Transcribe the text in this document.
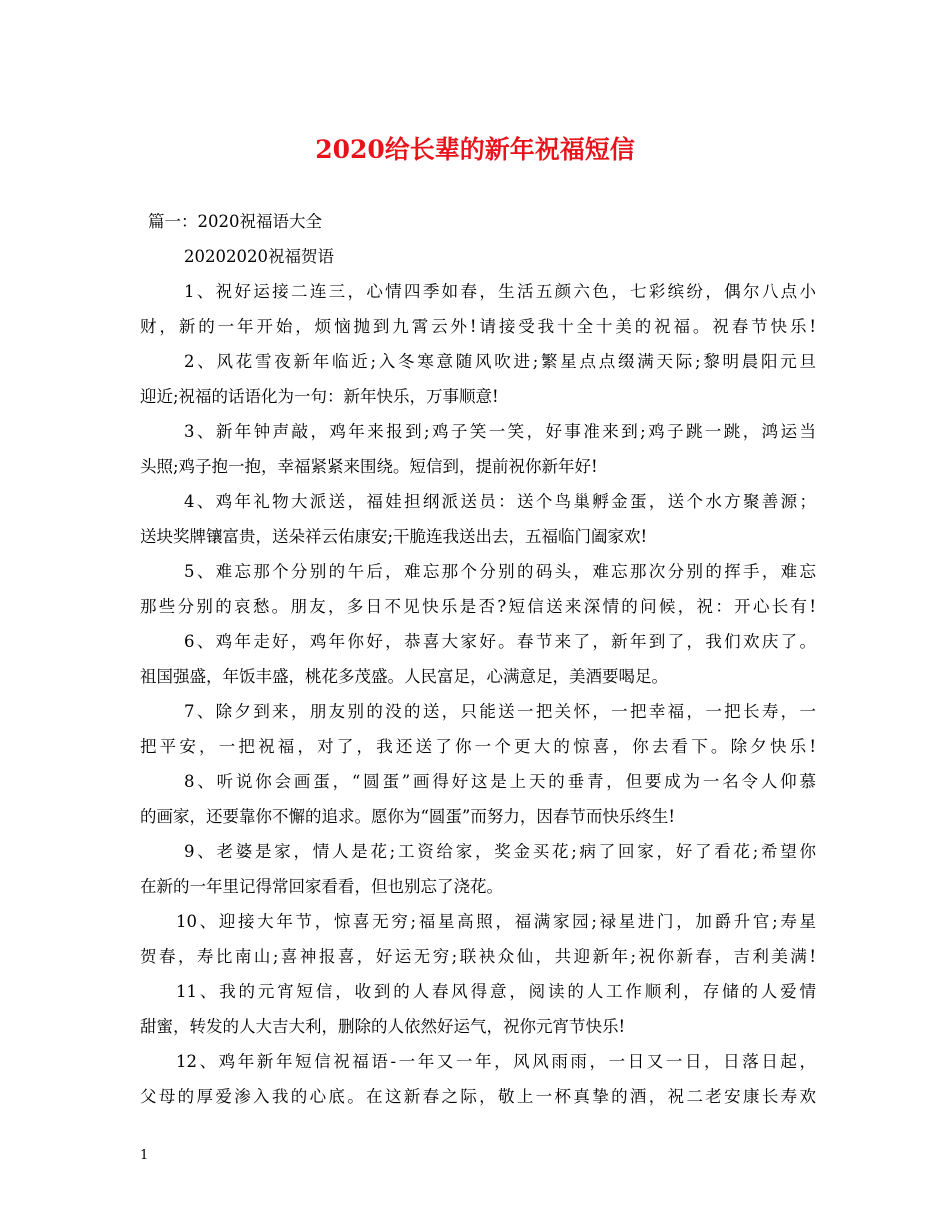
2020给长辈的新年祝福短信
篇一：2020祝福语大全
20202020祝福贺语
1、祝好运接二连三，心情四季如春，生活五颜六色，七彩缤纷，偶尔八点小
财，新的一年开始，烦恼抛到九霄云外!请接受我十全十美的祝福。祝春节快乐!
2、风花雪夜新年临近;入冬寒意随风吹进;繁星点点缀满天际;黎明晨阳元旦
迎近;祝福的话语化为一句：新年快乐，万事顺意!
3、新年钟声敲，鸡年来报到;鸡子笑一笑，好事准来到;鸡子跳一跳，鸿运当
头照;鸡子抱一抱，幸福紧紧来围绕。短信到，提前祝你新年好!
4、鸡年礼物大派送，福娃担纲派送员：送个鸟巢孵金蛋，送个水方聚善源；
送块奖牌镶富贵，送朵祥云佑康安;干脆连我送出去，五福临门阖家欢!
5、难忘那个分别的午后，难忘那个分别的码头，难忘那次分别的挥手，难忘
那些分别的哀愁。朋友，多日不见快乐是否?短信送来深情的问候，祝：开心长有!
6、鸡年走好，鸡年你好，恭喜大家好。春节来了，新年到了，我们欢庆了。
祖国强盛，年饭丰盛，桃花多茂盛。人民富足，心满意足，美酒要喝足。
7、除夕到来，朋友别的没的送，只能送一把关怀，一把幸福，一把长寿，一
把平安，一把祝福，对了，我还送了你一个更大的惊喜，你去看下。除夕快乐!
8、听说你会画蛋，“圆蛋”画得好这是上天的垂青，但要成为一名令人仰慕
的画家，还要靠你不懈的追求。愿你为“圆蛋”而努力，因春节而快乐终生!
9、老婆是家，情人是花;工资给家，奖金买花;病了回家，好了看花;希望你
在新的一年里记得常回家看看，但也别忘了浇花。
10、迎接大年节，惊喜无穷;福星高照，福满家园;禄星进门，加爵升官;寿星
贺春，寿比南山;喜神报喜，好运无穷;联袂众仙，共迎新年;祝你新春，吉利美满!
11、我的元宵短信，收到的人春风得意，阅读的人工作顺利，存储的人爱情
甜蜜，转发的人大吉大利，删除的人依然好运气，祝你元宵节快乐!
12、鸡年新年短信祝福语-一年又一年，风风雨雨，一日又一日，日落日起，
父母的厚爱渗入我的心底。在这新春之际，敬上一杯真挚的酒，祝二老安康长寿欢
1
